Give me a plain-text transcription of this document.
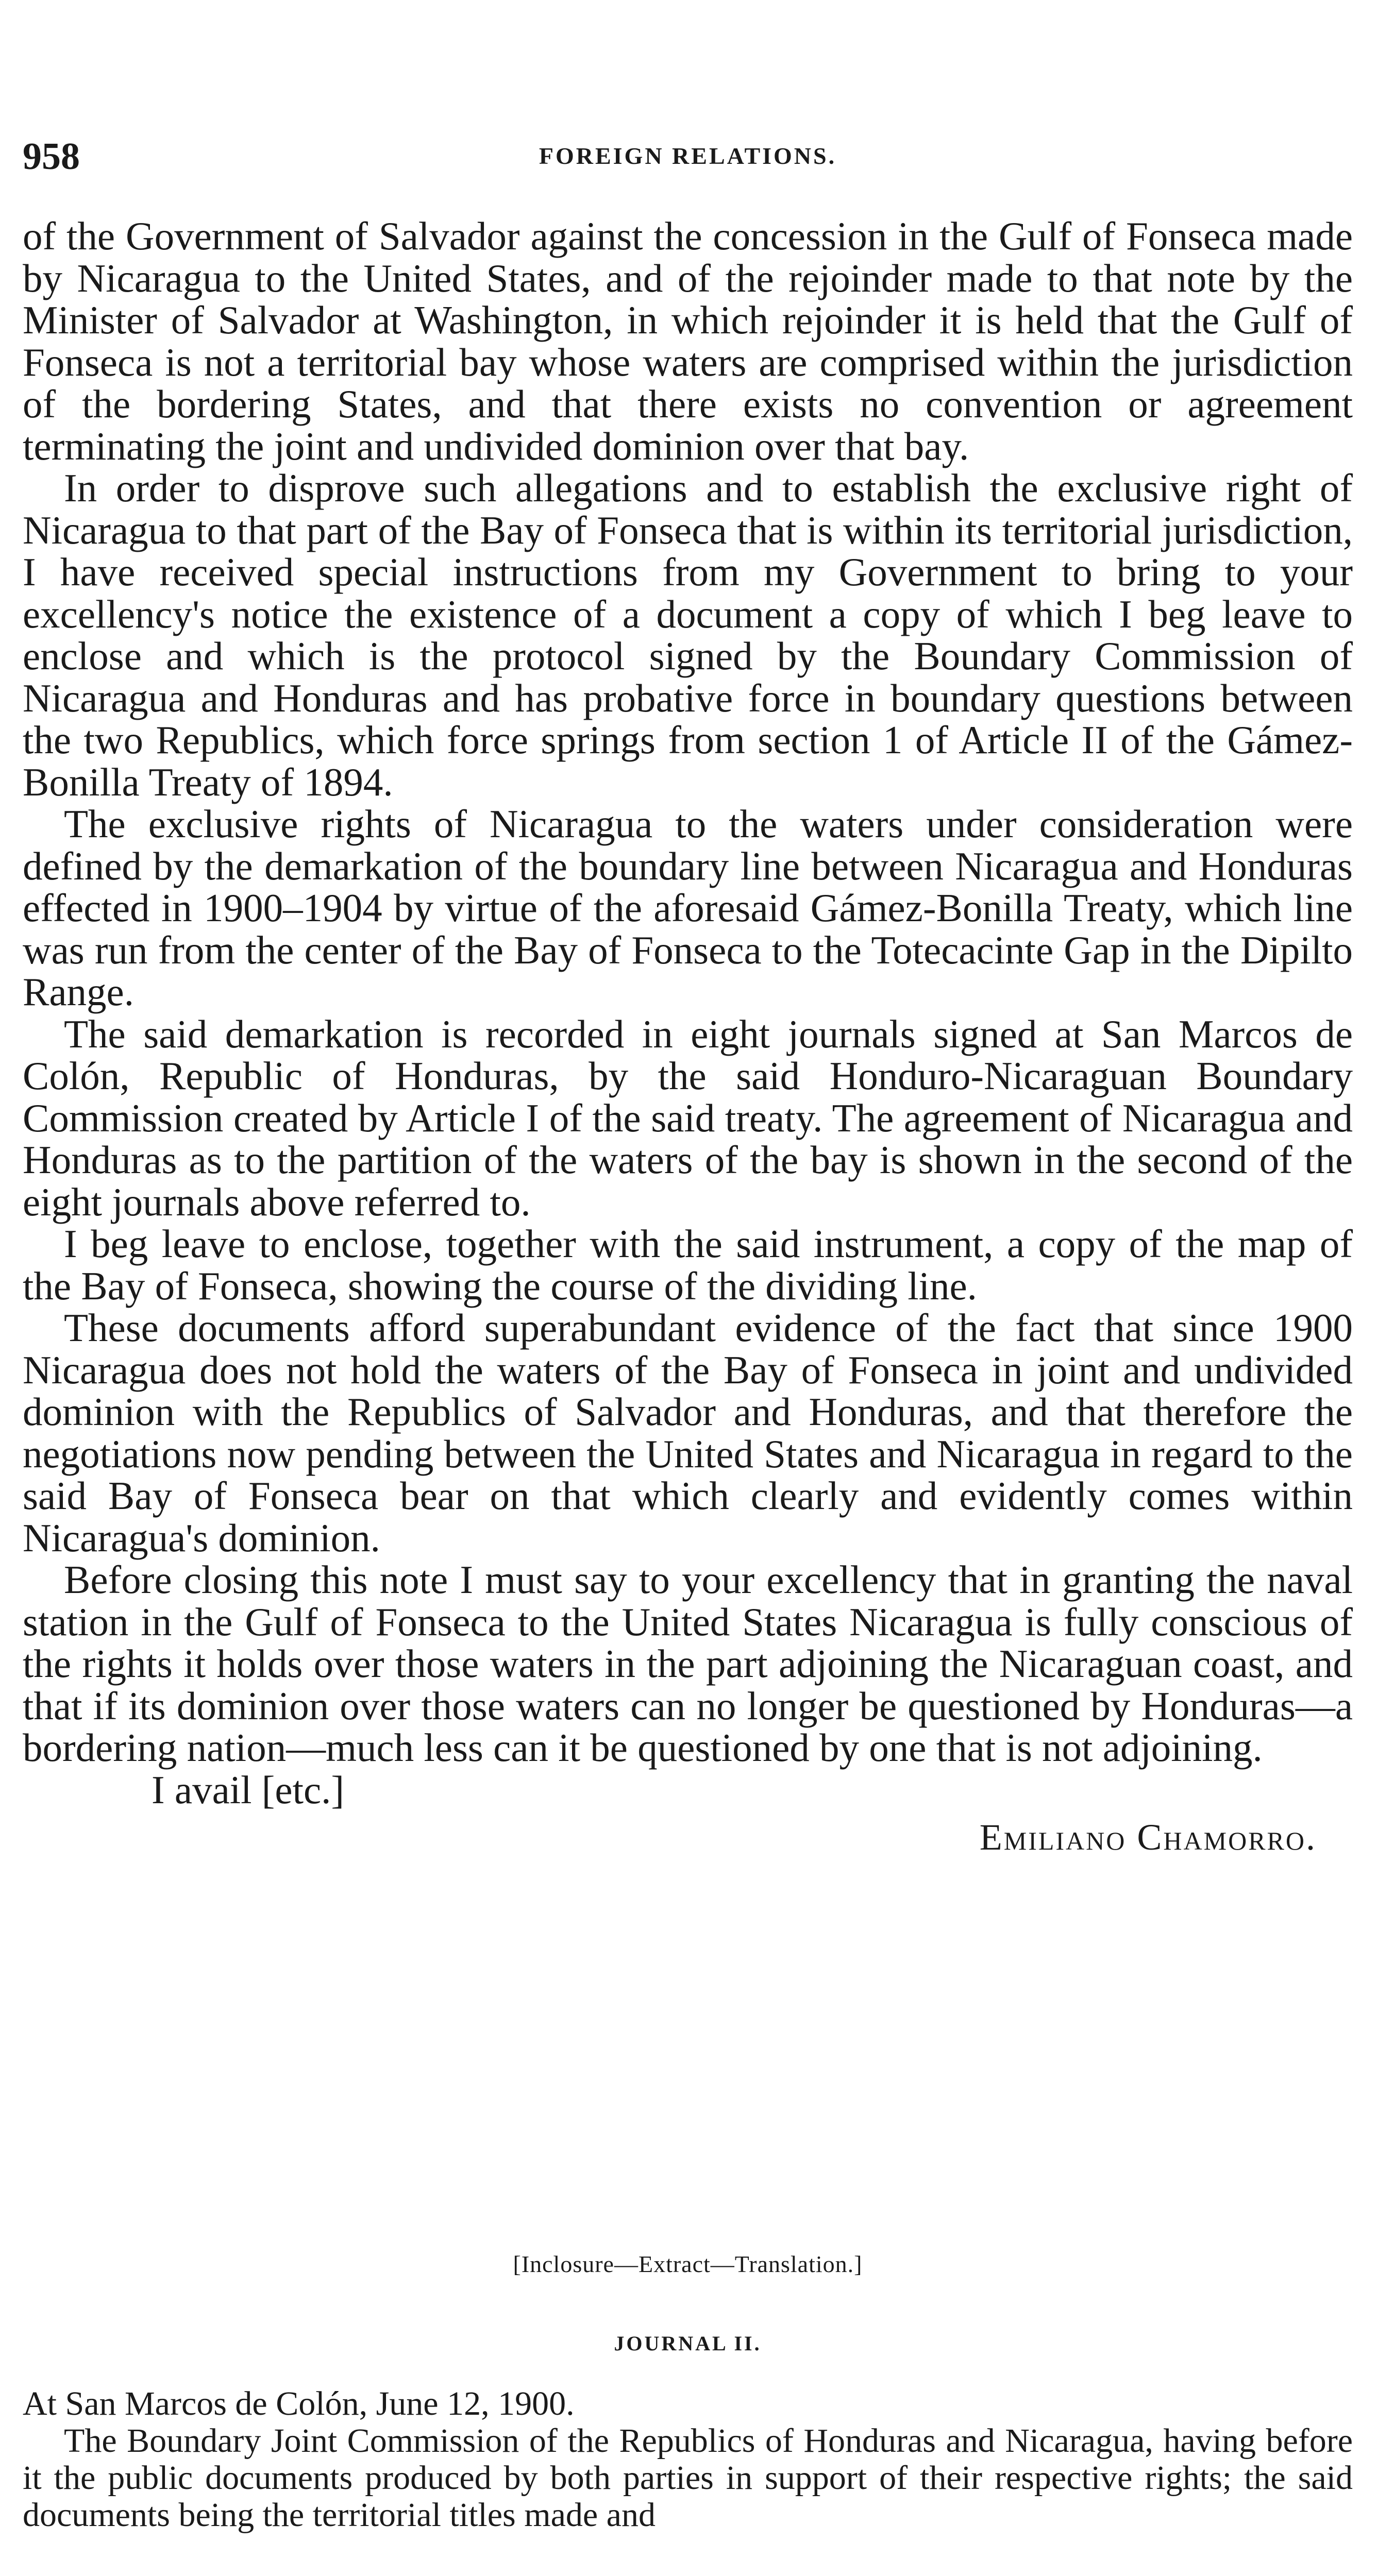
958	FOREIGN RELATIONS.

of the Government of Salvador against the concession in the Gulf of Fonseca made by Nicaragua to the United States, and of the rejoinder made to that note by the Minister of Salvador at Washington, in which rejoinder it is held that the Gulf of Fonseca is not a territorial bay whose waters are comprised within the jurisdiction of the bordering States, and that there exists no convention or agreement terminating the joint and undivided dominion over that bay.

In order to disprove such allegations and to establish the exclusive right of Nicaragua to that part of the Bay of Fonseca that is within its territorial jurisdiction, I have received special instructions from my Government to bring to your excellency's notice the existence of a document a copy of which I beg leave to enclose and which is the protocol signed by the Boundary Commission of Nicaragua and Honduras and has probative force in boundary questions between the two Republics, which force springs from section 1 of Article II of the Gámez-Bonilla Treaty of 1894.

The exclusive rights of Nicaragua to the waters under consideration were defined by the demarkation of the boundary line between Nicaragua and Honduras effected in 1900–1904 by virtue of the aforesaid Gámez-Bonilla Treaty, which line was run from the center of the Bay of Fonseca to the Totecacinte Gap in the Dipilto Range.

The said demarkation is recorded in eight journals signed at San Marcos de Colón, Republic of Honduras, by the said Honduro-Nicaraguan Boundary Commission created by Article I of the said treaty. The agreement of Nicaragua and Honduras as to the partition of the waters of the bay is shown in the second of the eight journals above referred to.

I beg leave to enclose, together with the said instrument, a copy of the map of the Bay of Fonseca, showing the course of the dividing line.

These documents afford superabundant evidence of the fact that since 1900 Nicaragua does not hold the waters of the Bay of Fonseca in joint and undivided dominion with the Republics of Salvador and Honduras, and that therefore the negotiations now pending between the United States and Nicaragua in regard to the said Bay of Fonseca bear on that which clearly and evidently comes within Nicaragua's dominion.

Before closing this note I must say to your excellency that in granting the naval station in the Gulf of Fonseca to the United States Nicaragua is fully conscious of the rights it holds over those waters in the part adjoining the Nicaraguan coast, and that if its dominion over those waters can no longer be questioned by Honduras—a bordering nation—much less can it be questioned by one that is not adjoining.

I avail [etc.]

Emiliano Chamorro.

[Inclosure—Extract—Translation.]
JOURNAL II.

At San Marcos de Colón, June 12, 1900.

The Boundary Joint Commission of the Republics of Honduras and Nicaragua, having before it the public documents produced by both parties in support of their respective rights; the said documents being the territorial titles made and
